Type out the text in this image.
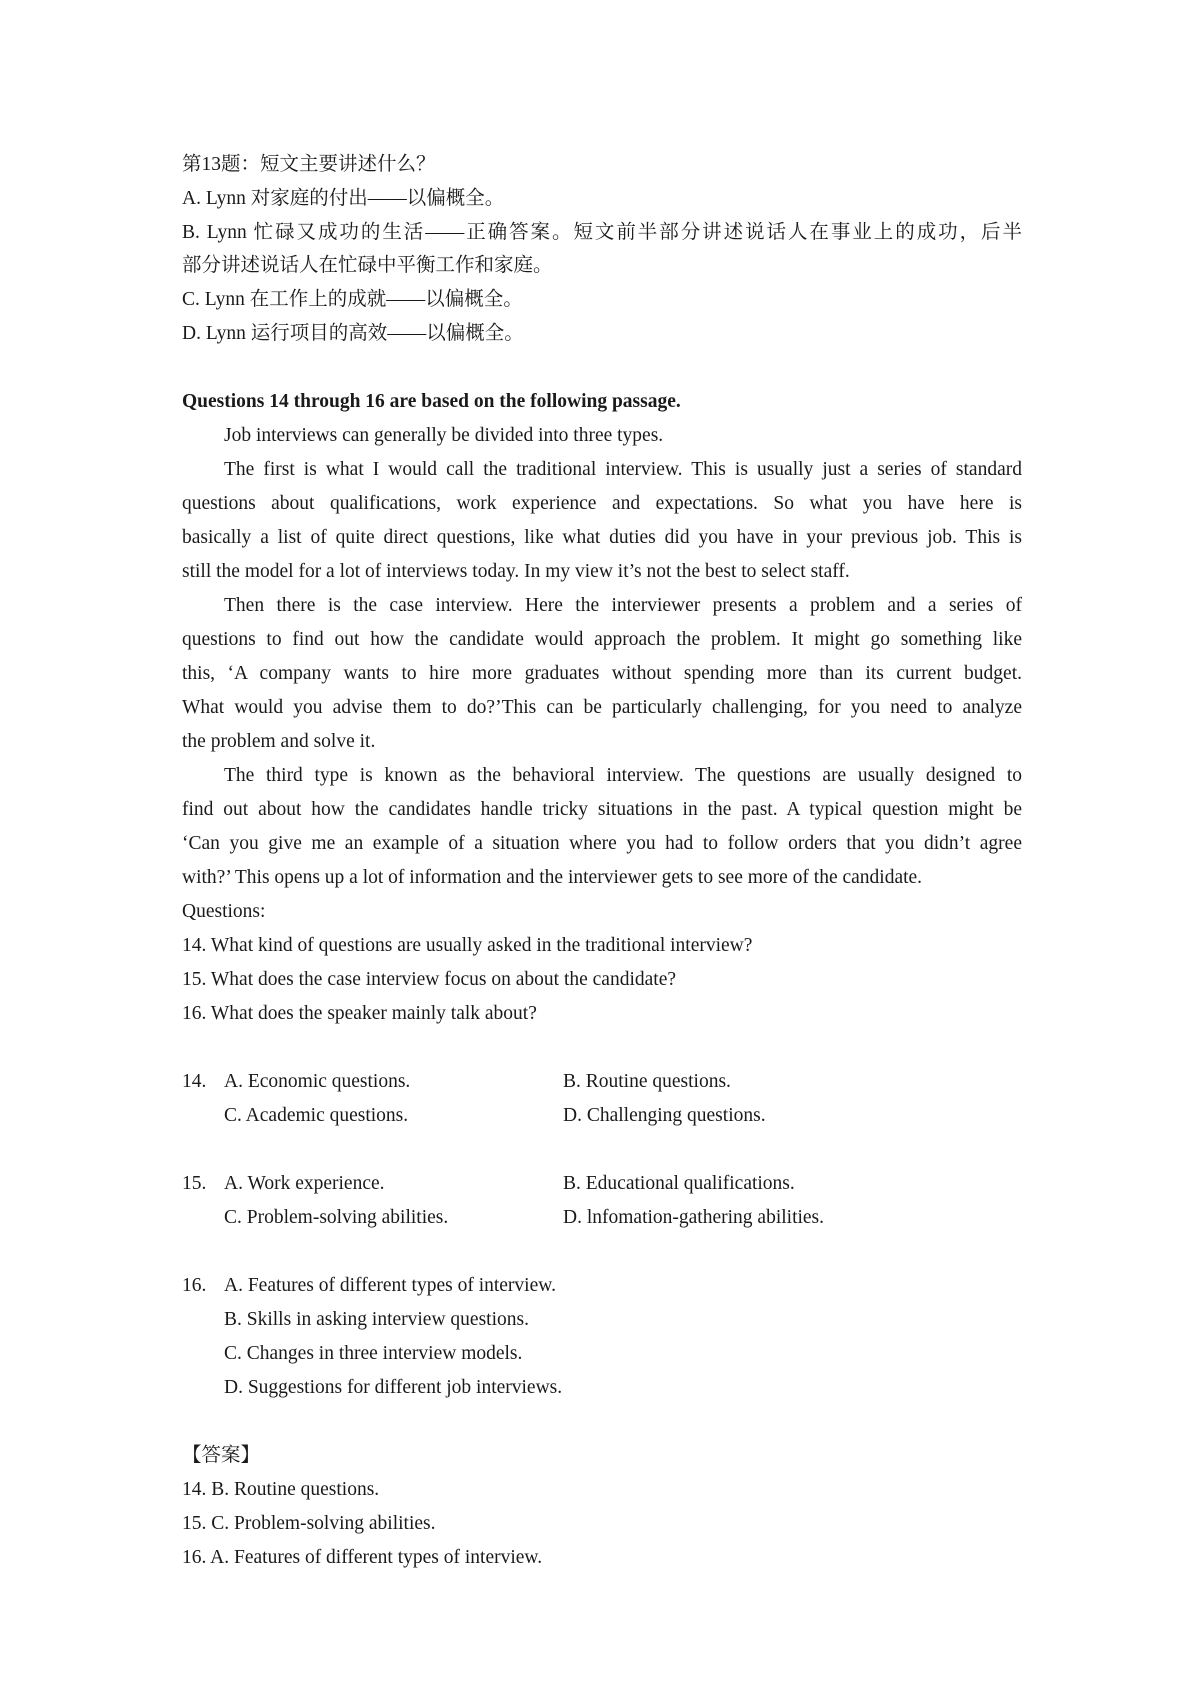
第13题：短文主要讲述什么？
A. Lynn 对家庭的付出——以偏概全。
B. Lynn 忙碌又成功的生活——正确答案。短文前半部分讲述说话人在事业上的成功，后半
部分讲述说话人在忙碌中平衡工作和家庭。
C. Lynn 在工作上的成就——以偏概全。
D. Lynn 运行项目的高效——以偏概全。
Questions 14 through 16 are based on the following passage.
Job interviews can generally be divided into three types.
The first is what I would call the traditional interview. This is usually just a series of standard
questions about qualifications, work experience and expectations. So what you have here is
basically a list of quite direct questions, like what duties did you have in your previous job. This is
still the model for a lot of interviews today. In my view it’s not the best to select staff.
Then there is the case interview. Here the interviewer presents a problem and a series of
questions to find out how the candidate would approach the problem. It might go something like
this, ‘A company wants to hire more graduates without spending more than its current budget.
What would you advise them to do?’This can be particularly challenging, for you need to analyze
the problem and solve it.
The third type is known as the behavioral interview. The questions are usually designed to
find out about how the candidates handle tricky situations in the past. A typical question might be
‘Can you give me an example of a situation where you had to follow orders that you didn’t agree
with?’ This opens up a lot of information and the interviewer gets to see more of the candidate.
Questions:
14. What kind of questions are usually asked in the traditional interview?
15. What does the case interview focus on about the candidate?
16. What does the speaker mainly talk about?
14. A. Economic questions.	B. Routine questions.
C. Academic questions.	D. Challenging questions.
15. A. Work experience.	B. Educational qualifications.
C. Problem-solving abilities.	D. lnfomation-gathering abilities.
16. A. Features of different types of interview.
B. Skills in asking interview questions.
C. Changes in three interview models.
D. Suggestions for different job interviews.
【答案】
14. B. Routine questions.
15. C. Problem-solving abilities.
16. A. Features of different types of interview.
